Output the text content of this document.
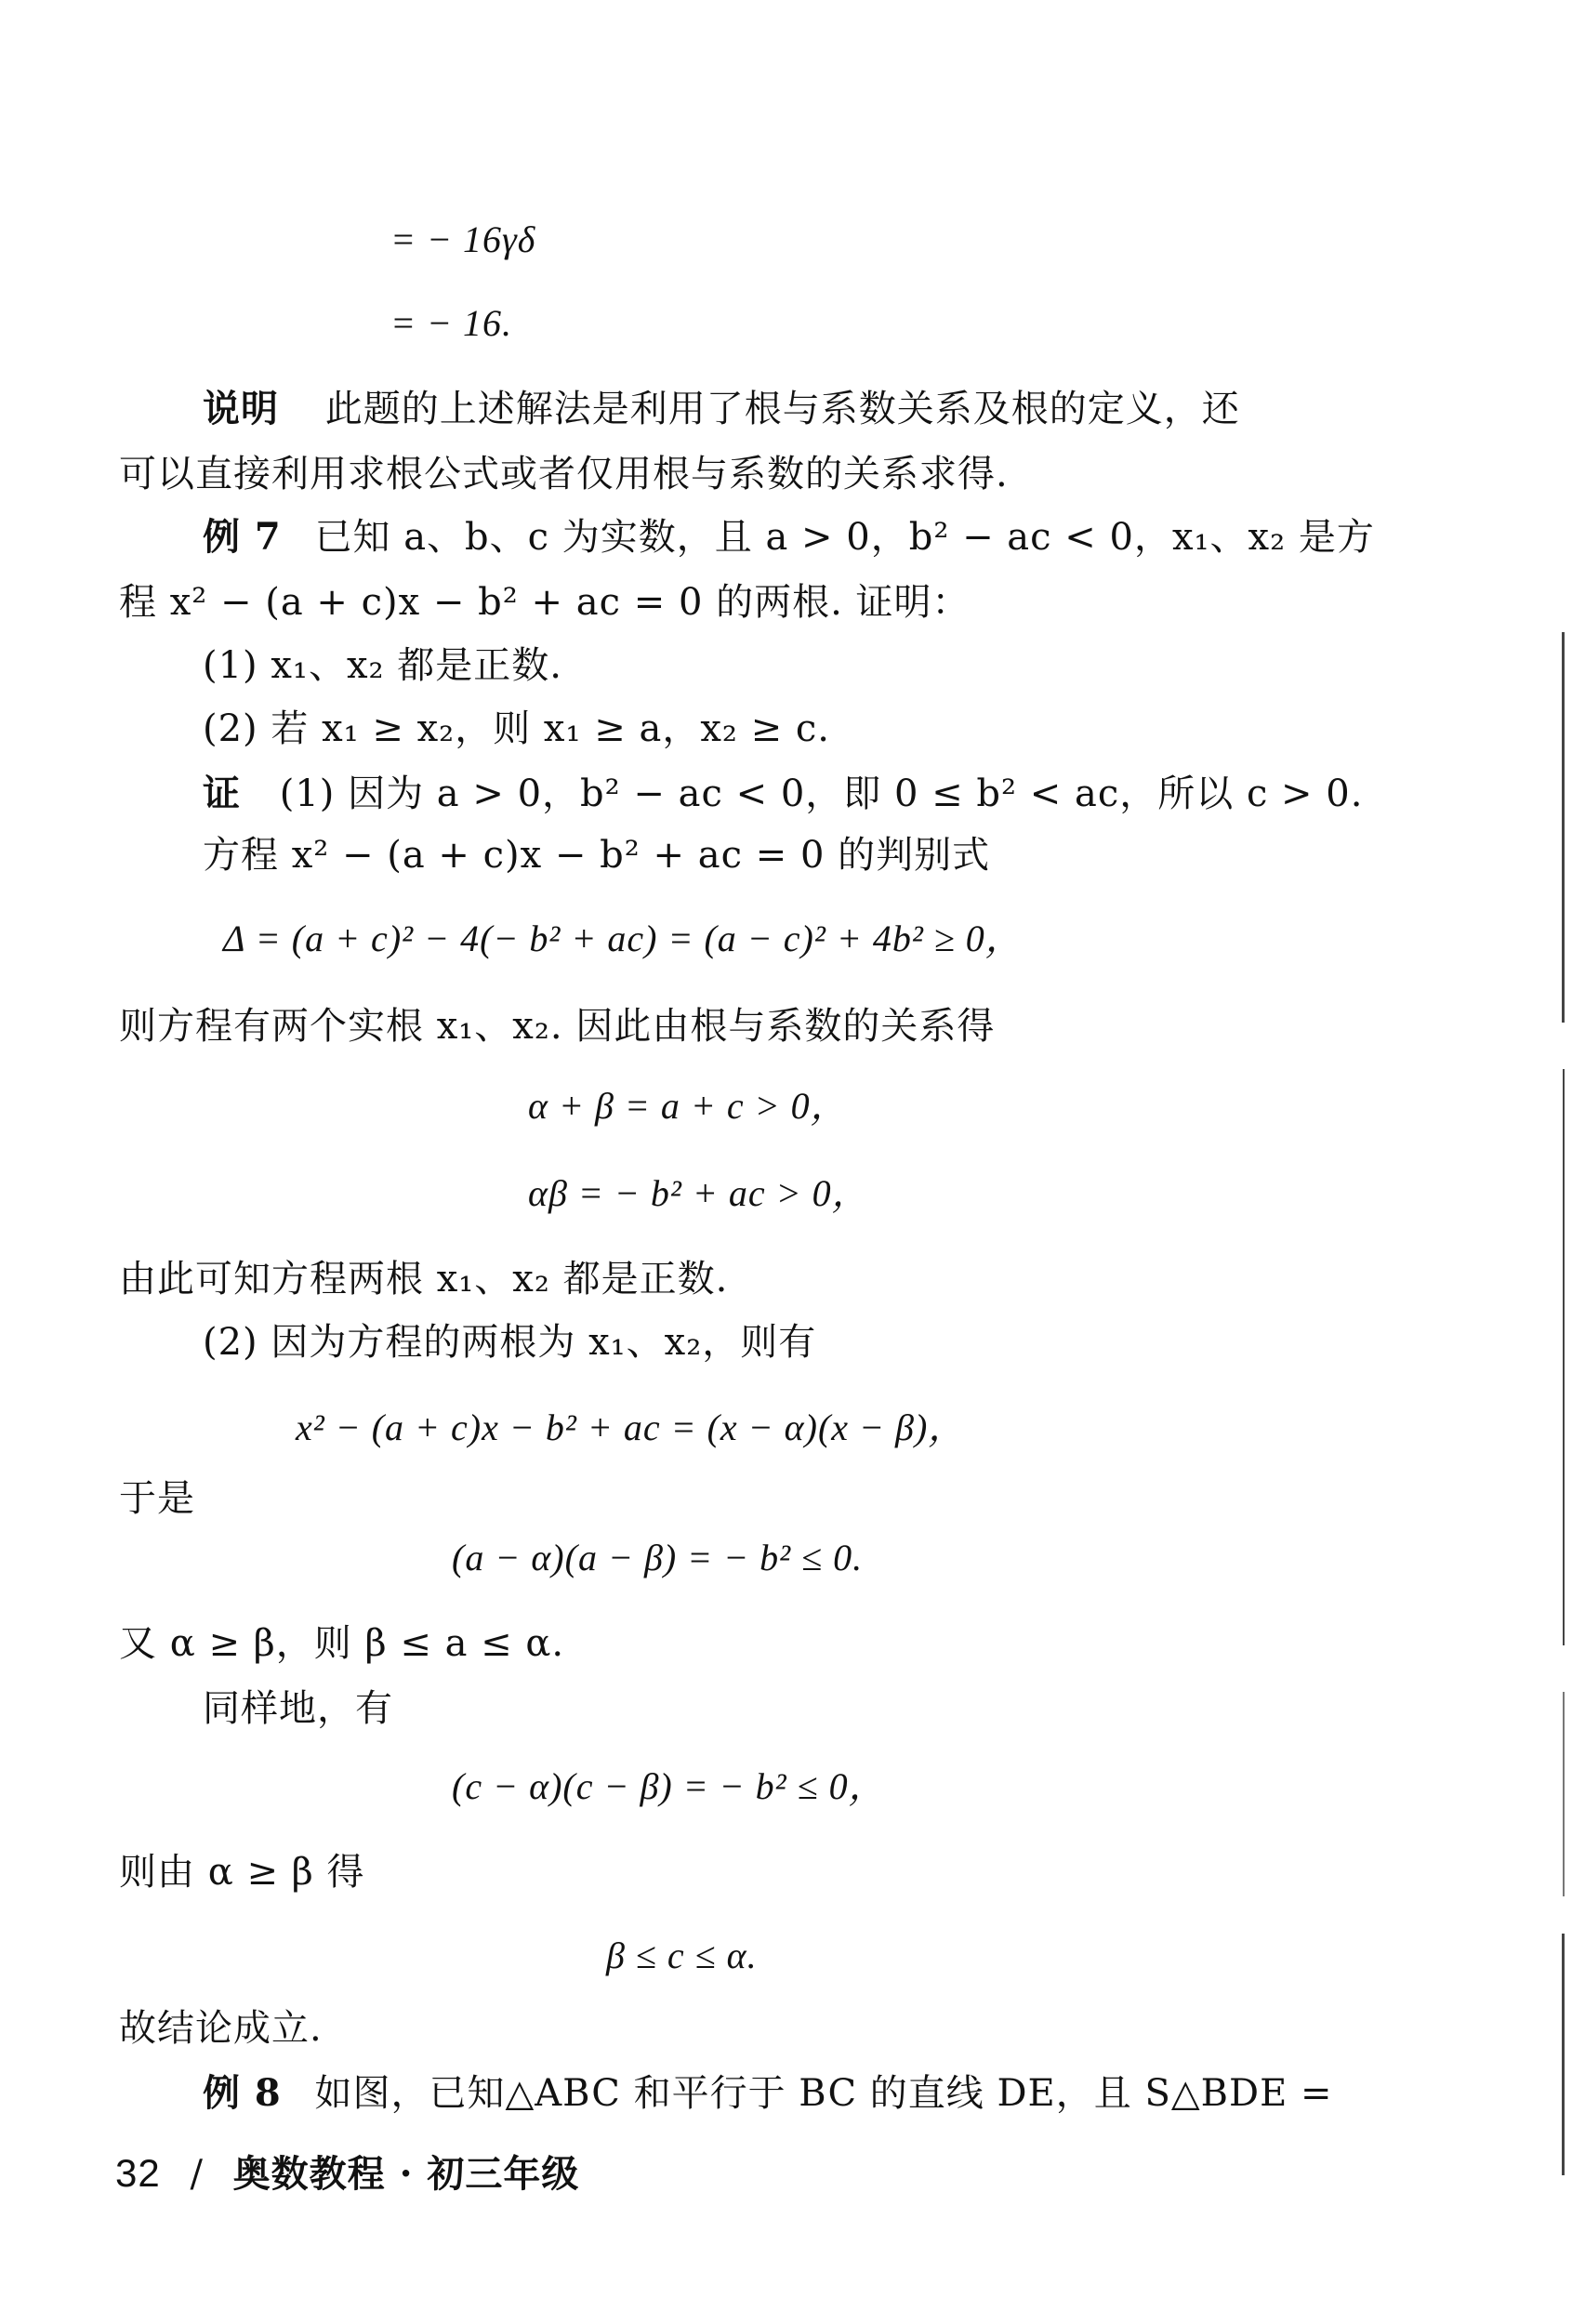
= − 16γδ
= − 16.
说明 此题的上述解法是利用了根与系数关系及根的定义，还
可以直接利用求根公式或者仅用根与系数的关系求得.
例 7 已知 a、b、c 为实数，且 a > 0，b² − ac < 0，x₁、x₂ 是方
程 x² − (a + c)x − b² + ac = 0 的两根. 证明：
(1) x₁、x₂ 都是正数.
(2) 若 x₁ ≥ x₂，则 x₁ ≥ a，x₂ ≥ c.
证 (1) 因为 a > 0，b² − ac < 0，即 0 ≤ b² < ac，所以 c > 0.
方程 x² − (a + c)x − b² + ac = 0 的判别式
Δ = (a + c)² − 4(− b² + ac) = (a − c)² + 4b² ≥ 0，
则方程有两个实根 x₁、x₂. 因此由根与系数的关系得
α + β = a + c > 0，
αβ = − b² + ac > 0，
由此可知方程两根 x₁、x₂ 都是正数.
(2) 因为方程的两根为 x₁、x₂，则有
x² − (a + c)x − b² + ac = (x − α)(x − β)，
于是
(a − α)(a − β) = − b² ≤ 0.
又 α ≥ β，则 β ≤ a ≤ α.
同样地，有
(c − α)(c − β) = − b² ≤ 0，
则由 α ≥ β 得
β ≤ c ≤ α.
故结论成立.
例 8 如图，已知△ABC 和平行于 BC 的直线 DE，且 S△BDE =
32 / 奥数教程 · 初三年级
